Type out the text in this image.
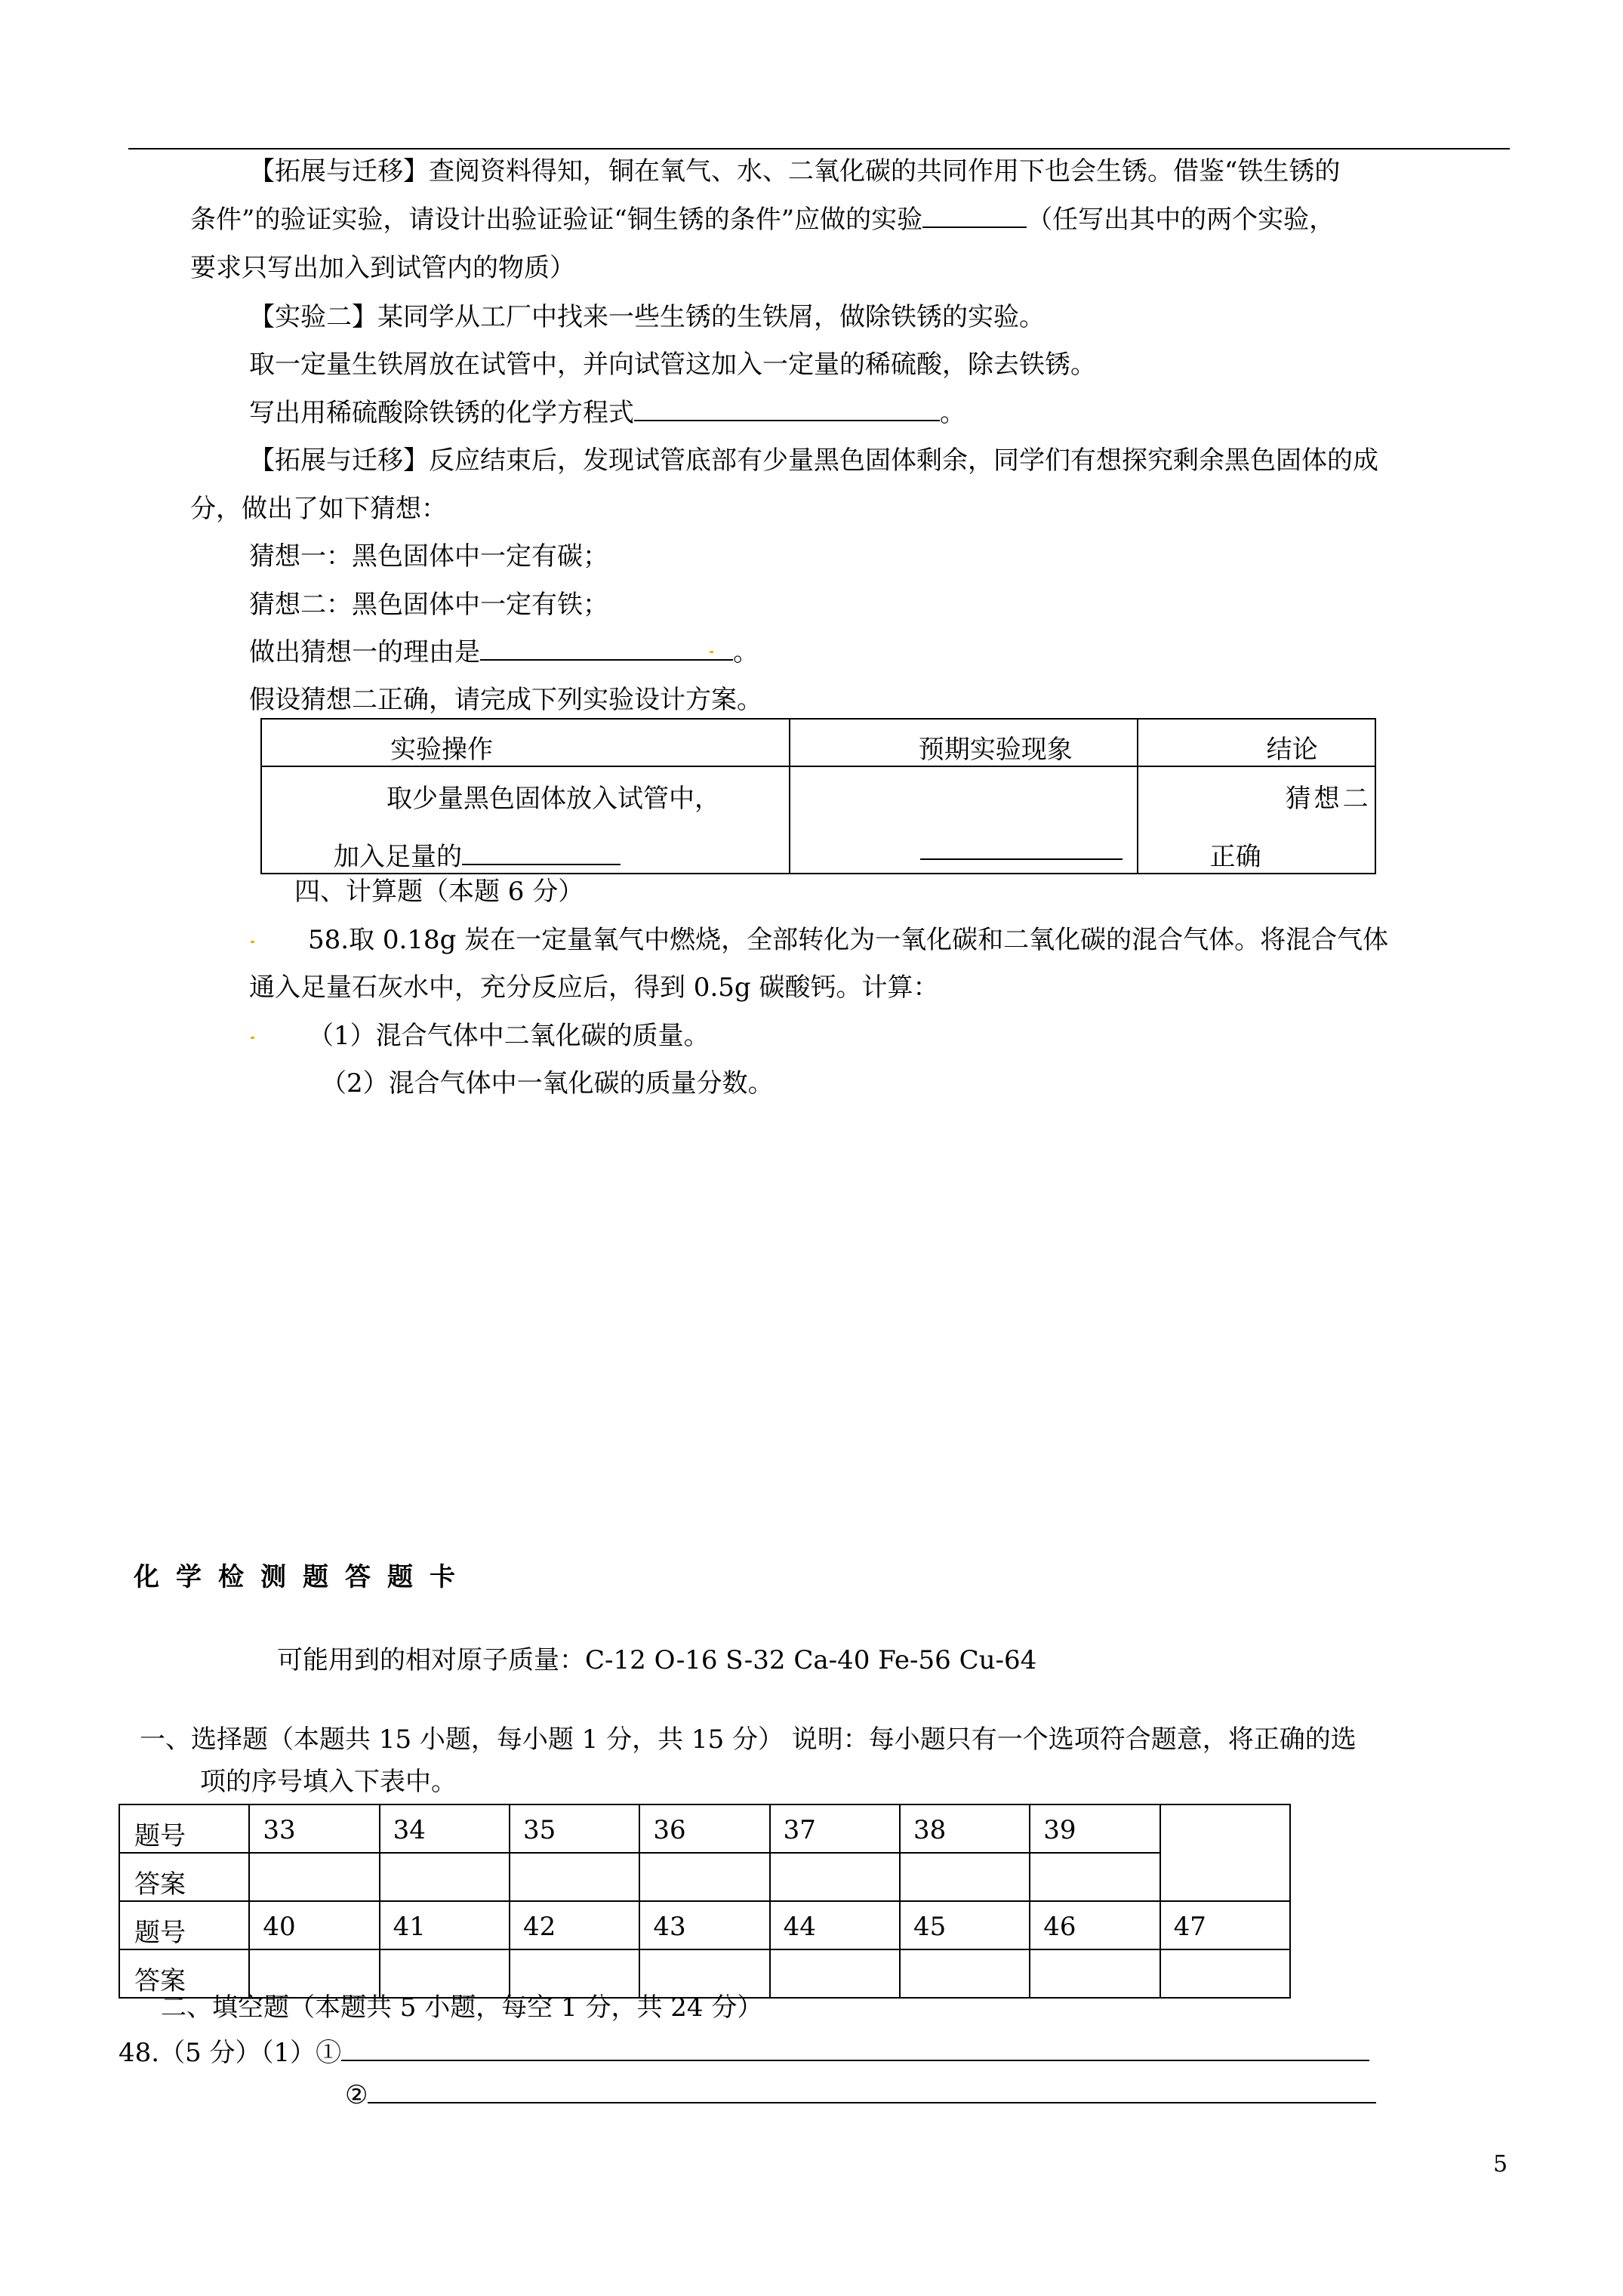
【拓展与迁移】查阅资料得知，铜在氧气、水、二氧化碳的共同作用下也会生锈。借鉴“铁生锈的
条件”的验证实验，请设计出验证验证“铜生锈的条件”应做的实验	（任写出其中的两个实验，
要求只写出加入到试管内的物质）
【实验二】某同学从工厂中找来一些生锈的生铁屑，做除铁锈的实验。
取一定量生铁屑放在试管中，并向试管这加入一定量的稀硫酸，除去铁锈。
写出用稀硫酸除铁锈的化学方程式	。
【拓展与迁移】反应结束后，发现试管底部有少量黑色固体剩余，同学们有想探究剩余黑色固体的成
分，做出了如下猜想：
猜想一：黑色固体中一定有碳；
猜想二：黑色固体中一定有铁；
做出猜想一的理由是	。
假设猜想二正确，请完成下列实验设计方案。
实验操作	预期实验现象	结论

取少量黑色固体放入试管中，
加入足量的		猜想二
正确
四、计算题（本题 6 分）
58.取 0.18g 炭在一定量氧气中燃烧，全部转化为一氧化碳和二氧化碳的混合气体。将混合气体
通入足量石灰水中，充分反应后，得到 0.5g 碳酸钙。计算：
（1）混合气体中二氧化碳的质量。
（2）混合气体中一氧化碳的质量分数。
化学检测题答题卡
可能用到的相对原子质量：C-12 O-16 S-32 Ca-40 Fe-56 Cu-64
一、选择题（本题共 15 小题，每小题 1 分，共 15 分） 说明：每小题只有一个选项符合题意，将正确的选
项的序号填入下表中。
题号	33	34	35	36	37	38	39	

答案								

题号	40	41	42	43	44	45	46	47

答案								

二、填空题（本题共 5 小题，每空 1 分，共 24 分）
48.（5 分）（1）①
②
5
